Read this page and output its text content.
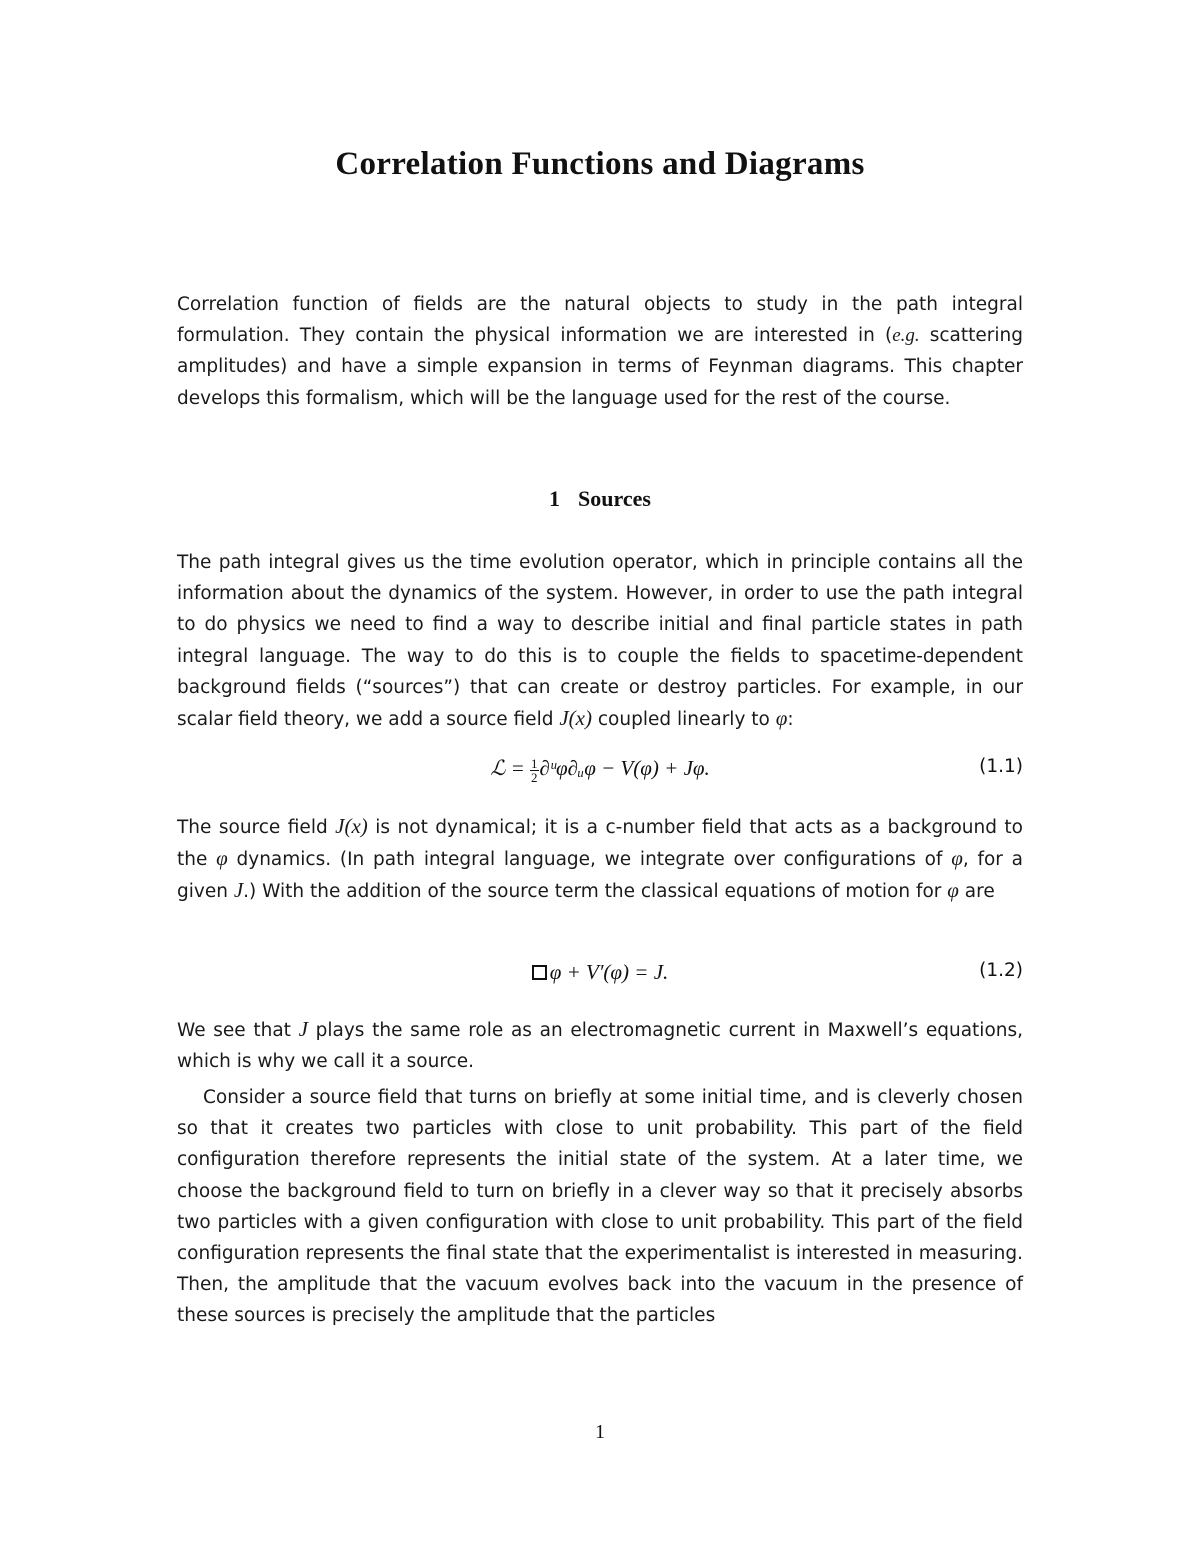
Correlation Functions and Diagrams
Correlation function of fields are the natural objects to study in the path integral formulation. They contain the physical information we are interested in (e.g. scattering amplitudes) and have a simple expansion in terms of Feynman diagrams. This chapter develops this formalism, which will be the language used for the rest of the course.
1 Sources
The path integral gives us the time evolution operator, which in principle contains all the information about the dynamics of the system. However, in order to use the path integral to do physics we need to find a way to describe initial and final particle states in path integral language. The way to do this is to couple the fields to spacetime-dependent background fields (“sources”) that can create or destroy particles. For example, in our scalar field theory, we add a source field J(x) coupled linearly to φ:
ℒ = $\frac{1}{2}$ ∂ᵘφ∂ᵤφ − V(φ) + Jφ.	(1.1)
The source field J(x) is not dynamical; it is a c-number field that acts as a background to the φ dynamics. (In path integral language, we integrate over configurations of φ, for a given J.) With the addition of the source term the classical equations of motion for φ are
φ + V′(φ) = J.	(1.2)
We see that J plays the same role as an electromagnetic current in Maxwell’s equations, which is why we call it a source.
Consider a source field that turns on briefly at some initial time, and is cleverly chosen so that it creates two particles with close to unit probability. This part of the field configuration therefore represents the initial state of the system. At a later time, we choose the background field to turn on briefly in a clever way so that it precisely absorbs two particles with a given configuration with close to unit probability. This part of the field configuration represents the final state that the experimentalist is interested in measuring. Then, the amplitude that the vacuum evolves back into the vacuum in the presence of these sources is precisely the amplitude that the particles
1
